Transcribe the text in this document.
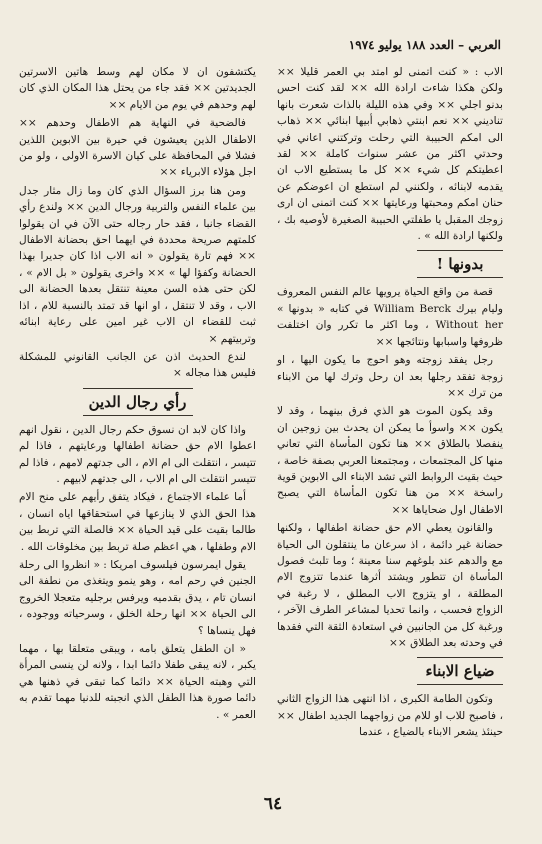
العربي – العدد ١٨٨ يوليو ١٩٧٤

الاب : « كنت اتمنى لو امتد بي العمر قليلا ×× ولكن هكذا شاءت ارادة الله ×× لقد كنت احس بدنو اجلي ×× وفي هذه الليلة بالذات شعرت بانها تناديني ×× نعم ابنتي ذهابي أبيها ابنائي ×× ذهاب الى امكم الحبيبة التي رحلت وتركتني اعاني في وحدتي اكثر من عشر سنوات كاملة ×× لقد اعطيتكم كل شيء ×× كل ما يستطيع الاب ان يقدمه لابنائه ، ولكنني لم استطع ان اعوضكم عن حنان امكم ومحبتها ورعايتها ×× كنت اتمنى ان ارى زوجك المقبل يا طفلتي الحبيبة الصغيرة لأوصيه بك ، ولكنها ارادة الله » .

بدونها !

قصة من واقع الحياة يرويها عالم النفس المعروف وليام بيرك William Berck في كتابه « بدونها » Without her ، وما اكثر ما تكرر وان اختلفت ظروفها واسبابها ونتائجها ××

رجل يفقد زوجته وهو احوج ما يكون اليها ، او زوجة تفقد رجلها بعد ان رحل وترك لها من الابناء من ترك ××

وقد يكون الموت هو الذي فرق بينهما ، وقد لا يكون ×× واسوأ ما يمكن ان يحدث بين زوجين ان ينفصلا بالطلاق ×× هنا تكون المأساة التي تعاني منها كل المجتمعات ، ومجتمعنا العربي بصفة خاصة ، حيث بقيت الروابط التي تشد الابناء الى الابوين قوية راسخة ×× من هنا تكون المأساة التي يصبح الاطفال اول ضحاياها ××

والقانون يعطي الام حق حضانة اطفالها ، ولكنها حضانة غير دائمة ، اذ سرعان ما ينتقلون الى الحياة مع والدهم عند بلوغهم سنا معينة ؛ وما تلبث فصول المأساة ان تتطور ويشتد أثرها عندما تتزوج الام المطلقة ، او يتزوج الاب المطلق ، لا رغبة في الزواج فحسب ، وانما تحديا لمشاعر الطرف الآخر ، ورغبة كل من الجانبين في استعادة الثقة التي فقدها في وحدته بعد الطلاق ××

ضياع الابناء

وتكون الطامة الكبرى ، اذا انتهى هذا الزواج الثاني ، فاصبح للاب او للام من زواجهما الجديد اطفال ×× حينئذ يشعر الابناء بالضياع ، عندما

يكتشفون ان لا مكان لهم وسط هاتين الاسرتين الجديدتين ×× فقد جاء من يحتل هذا المكان الذي كان لهم وحدهم في يوم من الايام ××

فالضحية في النهاية هم الاطفال وحدهم ×× الاطفال الذين يعيشون في حيرة بين الابوين اللذين فشلا في المحافظة على كيان الاسرة الاولى ، ولو من اجل هؤلاء الابرياء ××

ومن هنا برز السؤال الذي كان وما زال مثار جدل بين علماء النفس والتربية ورجال الدين ×× ولندع رأي القضاء جانبا ، فقد حار رجاله حتى الآن في ان يقولوا كلمتهم صريحة محددة في ايهما احق بحضانة الاطفال ×× فهم تارة يقولون « انه الاب اذا كان جديرا بهذا الحضانة وكفؤا لها » ×× واخرى يقولون « بل الام » ، لكن حتى هذه السن معينة تنتقل بعدها الحضانة الى الاب ، وقد لا تنتقل ، او انها قد تمتد بالنسبة للام ، اذا ثبت للقضاء ان الاب غير امين على رعاية ابنائه وتربيتهم ×

لندع الحديث اذن عن الجانب القانوني للمشكلة فليس هذا مجاله ×

رأي رجال الدين

واذا كان لابد ان نسوق حكم رجال الدين ، نقول انهم اعطوا الام حق حضانة اطفالها ورعايتهم ، فاذا لم تتيسر ، انتقلت الى ام الام ، الى جدتهم لامهم ، فاذا لم تتيسر انتقلت الى ام الاب ، الى جدتهم لابيهم .

أما علماء الاجتماع ، فيكاد يتفق رأيهم على منح الام هذا الحق الذي لا ينازعها في استحقاقها اياه انسان ، طالما بقيت على قيد الحياة ×× فالصلة التي تربط بين الام وطفلها ، هي اعظم صلة تربط بين مخلوقات الله .

يقول ايمرسون فيلسوف امريكا : « انظروا الى رحلة الجنين في رحم امه ، وهو ينمو ويتغذى من نطفة الى انسان تام ، يدق بقدميه ويرفس برجليه متعجلا الخروج الى الحياة ×× انها رحلة الخلق ، وسرحياته ووجوده ، فهل ينساها ؟

« ان الطفل يتعلق بامه ، ويبقى متعلقا بها ، مهما يكبر ، لانه يبقى طفلا دائما ابدا ، ولانه لن ينسى المرأة التي وهبته الحياة ×× دائما كما تبقى في ذهنها هي دائما صورة هذا الطفل الذي انجبته للدنيا مهما تقدم به العمر » .

٦٤
